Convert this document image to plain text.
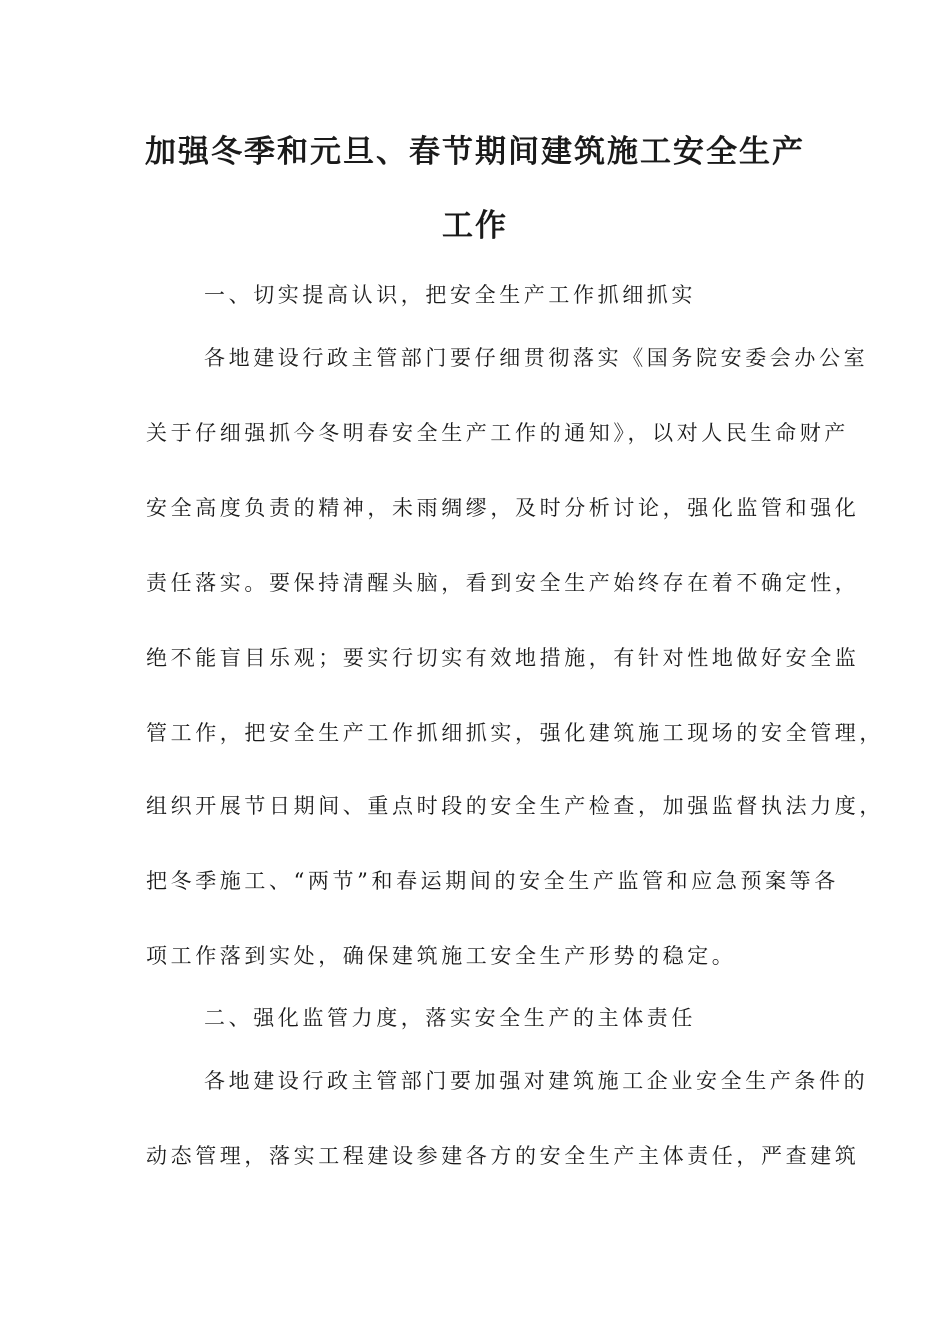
加强冬季和元旦、春节期间建筑施工安全生产
工作
一、切实提高认识，把安全生产工作抓细抓实
各地建设行政主管部门要仔细贯彻落实《国务院安委会办公室
关于仔细强抓今冬明春安全生产工作的通知》，以对人民生命财产
安全高度负责的精神，未雨绸缪，及时分析讨论，强化监管和强化
责任落实。要保持清醒头脑，看到安全生产始终存在着不确定性，
绝不能盲目乐观；要实行切实有效地措施，有针对性地做好安全监
管工作，把安全生产工作抓细抓实，强化建筑施工现场的安全管理，
组织开展节日期间、重点时段的安全生产检查，加强监督执法力度，
把冬季施工、“两节”和春运期间的安全生产监管和应急预案等各
项工作落到实处，确保建筑施工安全生产形势的稳定。
二、强化监管力度，落实安全生产的主体责任
各地建设行政主管部门要加强对建筑施工企业安全生产条件的
动态管理，落实工程建设参建各方的安全生产主体责任，严查建筑
